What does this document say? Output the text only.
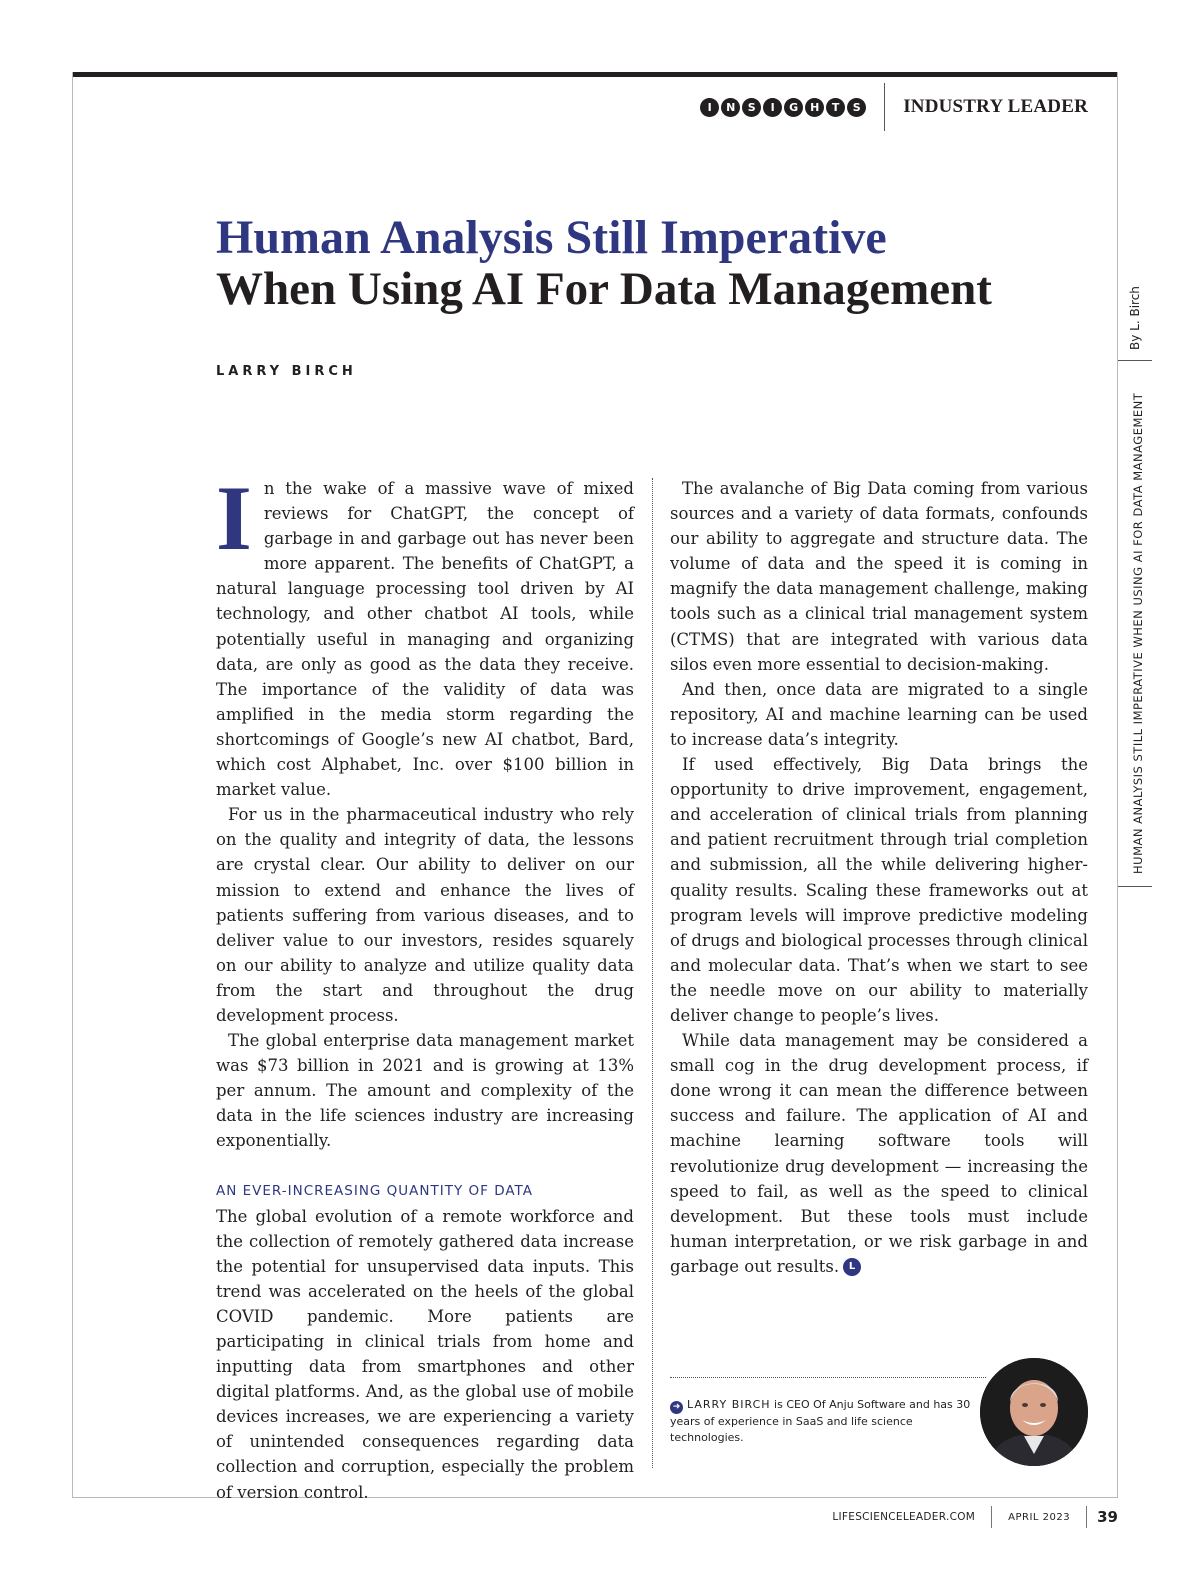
I	N	S	I	G	H	T	S INDUSTRY LEADER
Human Analysis Still Imperative
When Using AI For Data Management
LARRY BIRCH

In the wake of a massive wave of mixed reviews for ChatGPT, the concept of garbage in and garbage out has never been more apparent. The benefits of ChatGPT, a natural language processing tool driven by AI technology, and other chatbot AI tools, while potentially useful in managing and organizing data, are only as good as the data they receive. The importance of the validity of data was amplified in the media storm regarding the shortcomings of Google’s new AI chatbot, Bard, which cost Alphabet, Inc. over $100 billion in market value.

For us in the pharmaceutical industry who rely on the quality and integrity of data, the lessons are crystal clear. Our ability to deliver on our mission to extend and enhance the lives of patients suffering from various diseases, and to deliver value to our investors, resides squarely on our ability to analyze and utilize quality data from the start and throughout the drug development process.

The global enterprise data management market was $73 billion in 2021 and is growing at 13% per annum. The amount and complexity of the data in the life sciences industry are increasing exponentially.

AN EVER-INCREASING QUANTITY OF DATA

The global evolution of a remote workforce and the collection of remotely gathered data increase the potential for unsupervised data inputs. This trend was accelerated on the heels of the global COVID pandemic. More patients are participating in clinical trials from home and inputting data from smartphones and other digital platforms. And, as the global use of mobile devices increases, we are experiencing a variety of unintended consequences regarding data collection and corruption, especially the problem of version control.

The avalanche of Big Data coming from various sources and a variety of data formats, confounds our ability to aggregate and structure data. The volume of data and the speed it is coming in magnify the data management challenge, making tools such as a clinical trial management system (CTMS) that are integrated with various data silos even more essential to decision-making.

And then, once data are migrated to a single repository, AI and machine learning can be used to increase data’s integrity.

If used effectively, Big Data brings the opportunity to drive improvement, engagement, and acceleration of clinical trials from planning and patient recruitment through trial completion and submission, all the while delivering higher-quality results. Scaling these frameworks out at program levels will improve predictive modeling of drugs and biological processes through clinical and molecular data. That’s when we start to see the needle move on our ability to materially deliver change to people’s lives.

While data management may be considered a small cog in the drug development process, if done wrong it can mean the difference between success and failure. The application of AI and machine learning software tools will revolutionize drug development — increasing the speed to fail, as well as the speed to clinical development. But these tools must include human interpretation, or we risk garbage in and garbage out results. L

➜ LARRY BIRCH is CEO Of Anju Software and has 30 years of experience in SaaS and life science technologies.
By L. Birch
HUMAN ANALYSIS STILL IMPERATIVE WHEN USING AI FOR DATA MANAGEMENT
LIFESCIENCELEADER.COM	APRIL 2023	39
